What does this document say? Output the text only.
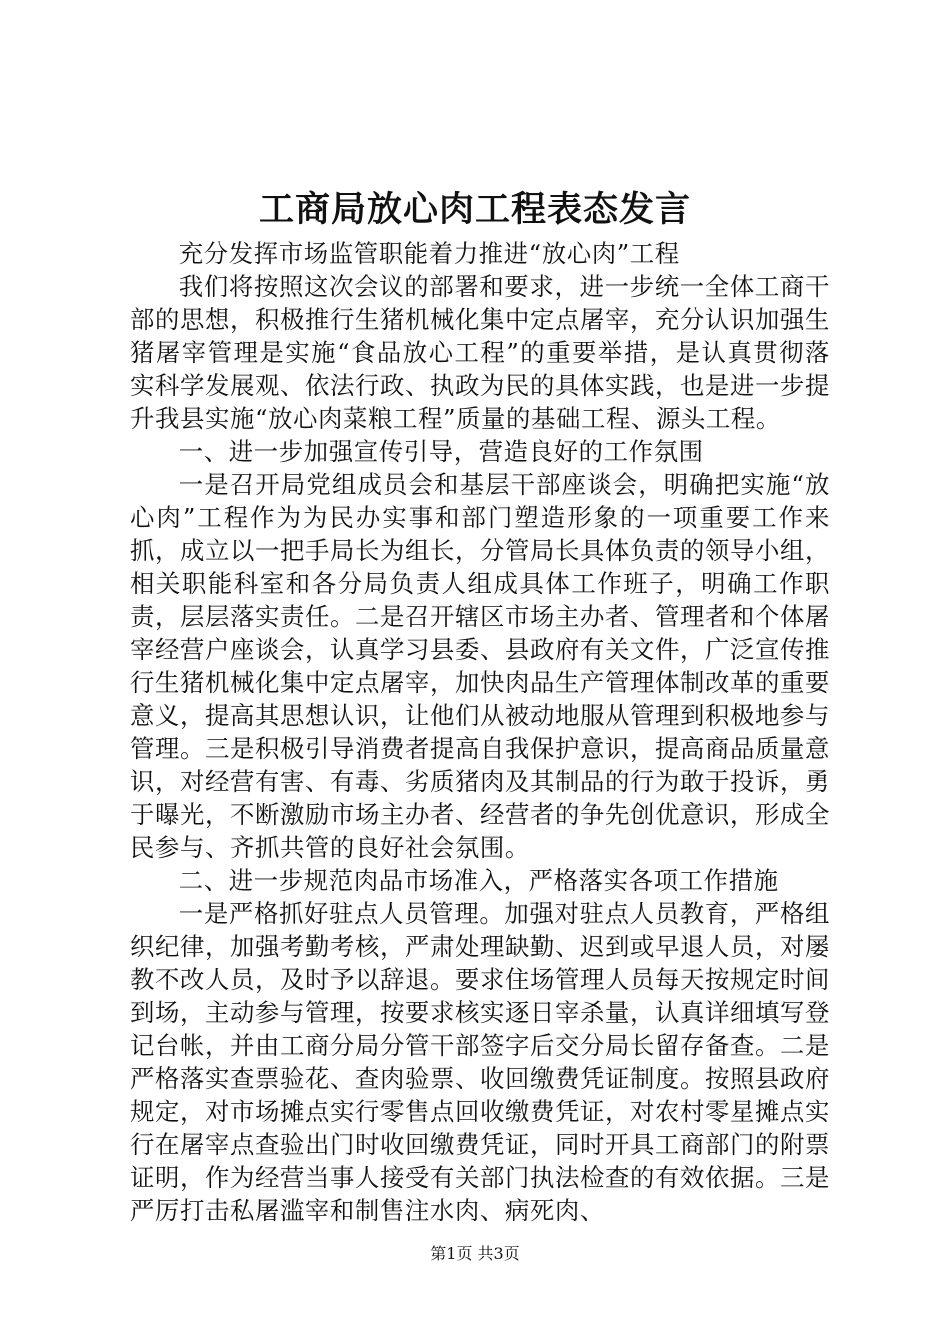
工商局放心肉工程表态发言

充分发挥市场监管职能着力推进“放心肉”工程

我们将按照这次会议的部署和要求，进一步统一全体工商干部的思想，积极推行生猪机械化集中定点屠宰，充分认识加强生猪屠宰管理是实施“食品放心工程”的重要举措，是认真贯彻落实科学发展观、依法行政、执政为民的具体实践，也是进一步提升我县实施“放心肉菜粮工程”质量的基础工程、源头工程。

一、进一步加强宣传引导，营造良好的工作氛围

一是召开局党组成员会和基层干部座谈会，明确把实施“放心肉”工程作为为民办实事和部门塑造形象的一项重要工作来抓，成立以一把手局长为组长，分管局长具体负责的领导小组，相关职能科室和各分局负责人组成具体工作班子，明确工作职责，层层落实责任。二是召开辖区市场主办者、管理者和个体屠宰经营户座谈会，认真学习县委、县政府有关文件，广泛宣传推行生猪机械化集中定点屠宰，加快肉品生产管理体制改革的重要意义，提高其思想认识，让他们从被动地服从管理到积极地参与管理。三是积极引导消费者提高自我保护意识，提高商品质量意识，对经营有害、有毒、劣质猪肉及其制品的行为敢于投诉，勇于曝光，不断激励市场主办者、经营者的争先创优意识，形成全民参与、齐抓共管的良好社会氛围。

二、进一步规范肉品市场准入，严格落实各项工作措施

一是严格抓好驻点人员管理。加强对驻点人员教育，严格组织纪律，加强考勤考核，严肃处理缺勤、迟到或早退人员，对屡教不改人员，及时予以辞退。要求住场管理人员每天按规定时间到场，主动参与管理，按要求核实逐日宰杀量，认真详细填写登记台帐，并由工商分局分管干部签字后交分局长留存备查。二是严格落实查票验花、查肉验票、收回缴费凭证制度。按照县政府规定，对市场摊点实行零售点回收缴费凭证，对农村零星摊点实行在屠宰点查验出门时收回缴费凭证，同时开具工商部门的附票证明，作为经营当事人接受有关部门执法检查的有效依据。三是严厉打击私屠滥宰和制售注水肉、病死肉、

第1页 共3页
